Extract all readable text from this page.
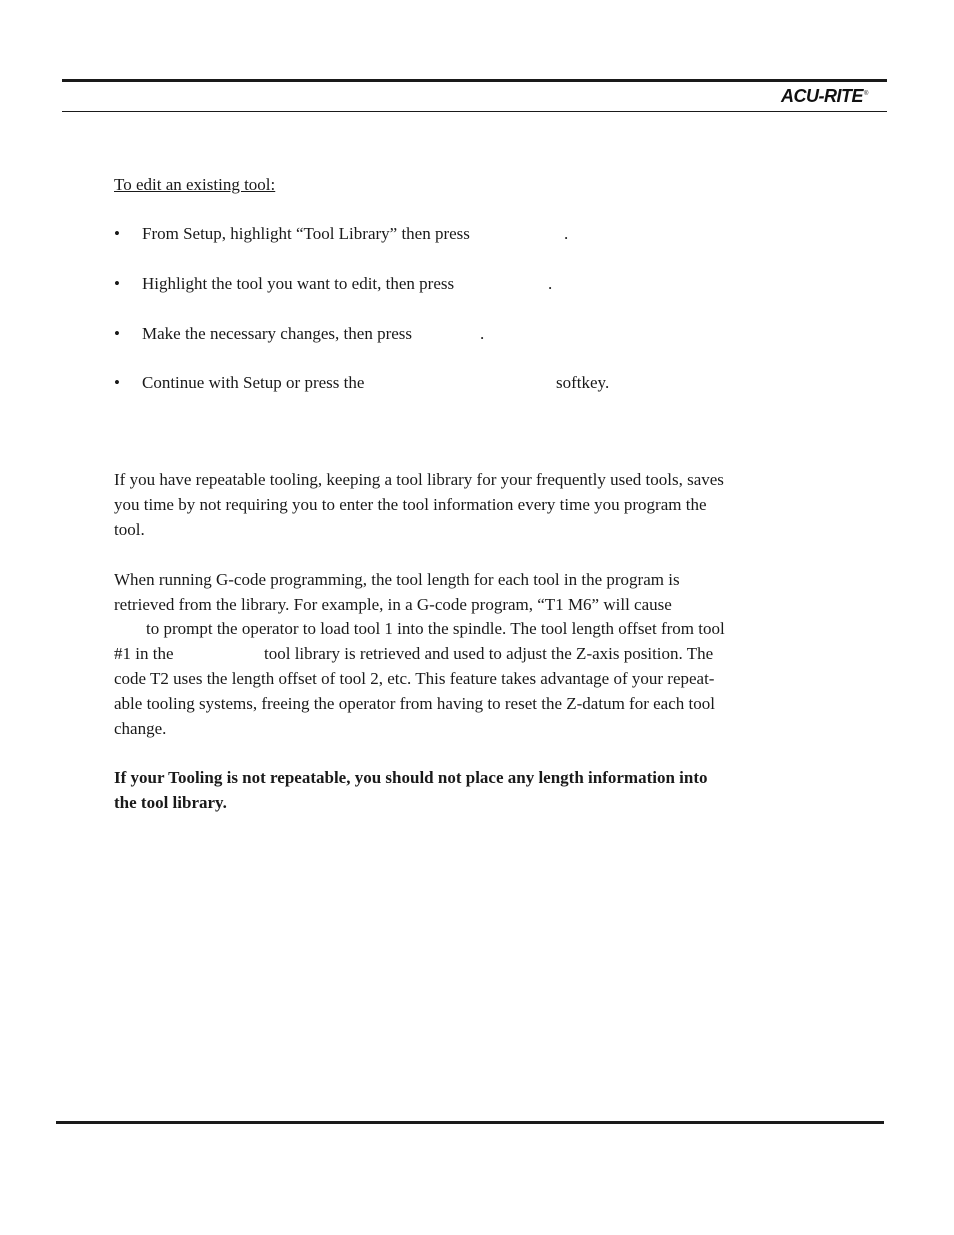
ACU-RITE®
To edit an existing tool:
• From Setup, highlight “Tool Library” then press	.
• Highlight the tool you want to edit, then press	.
• Make the necessary changes, then press	.
• Continue with Setup or press the	softkey.
If you have repeatable tooling, keeping a tool library for your frequently used tools, saves
you time by not requiring you to enter the tool information every time you program the
tool.
When running G-code programming, the tool length for each tool in the program is
retrieved from the library. For example, in a G-code program, “T1 M6” will cause
to prompt the operator to load tool 1 into the spindle. The tool length offset from tool
#1 in the	tool library is retrieved and used to adjust the Z-axis position. The
code T2 uses the length offset of tool 2, etc. This feature takes advantage of your repeat-
able tooling systems, freeing the operator from having to reset the Z-datum for each tool
change.
If your Tooling is not repeatable, you should not place any length information into
the tool library.
